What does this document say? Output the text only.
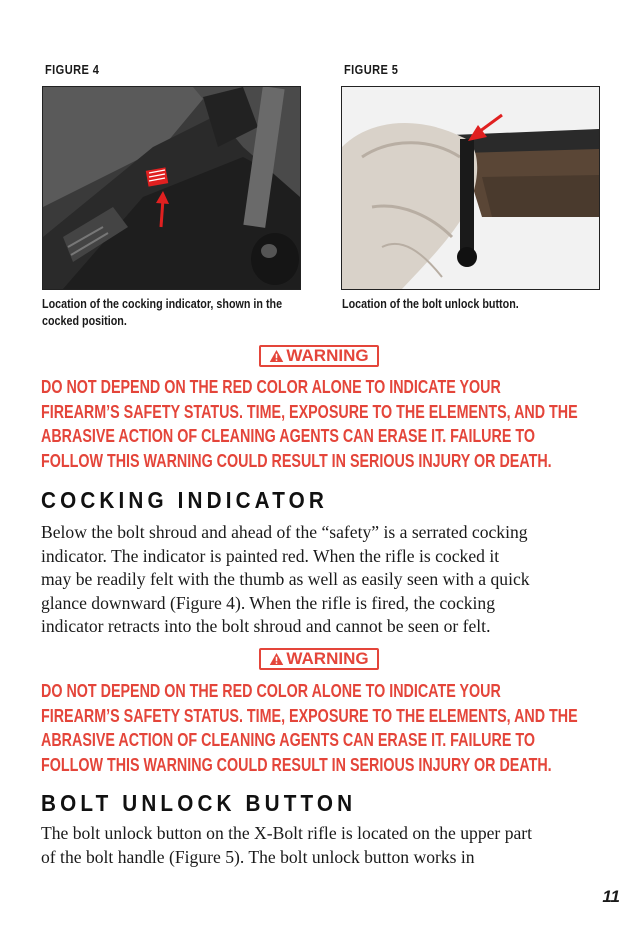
FIGURE 4
Location of the cocking indicator, shown in the cocked position.
FIGURE 5
Location of the bolt unlock button.
WARNING
DO NOT DEPEND ON THE RED COLOR ALONE TO INDICATE YOUR
FIREARM’S SAFETY STATUS. TIME, EXPOSURE TO THE ELEMENTS, AND THE
ABRASIVE ACTION OF CLEANING AGENTS CAN ERASE IT. FAILURE TO
FOLLOW THIS WARNING COULD RESULT IN SERIOUS INJURY OR DEATH.
COCKING INDICATOR
Below the bolt shroud and ahead of the “safety” is a serrated cocking
indicator. The indicator is painted red. When the rifle is cocked it
may be readily felt with the thumb as well as easily seen with a quick
glance downward (Figure 4). When the rifle is fired, the cocking
indicator retracts into the bolt shroud and cannot be seen or felt.
WARNING
DO NOT DEPEND ON THE RED COLOR ALONE TO INDICATE YOUR
FIREARM’S SAFETY STATUS. TIME, EXPOSURE TO THE ELEMENTS, AND THE
ABRASIVE ACTION OF CLEANING AGENTS CAN ERASE IT. FAILURE TO
FOLLOW THIS WARNING COULD RESULT IN SERIOUS INJURY OR DEATH.
BOLT UNLOCK BUTTON
The bolt unlock button on the X-Bolt rifle is located on the upper part
of the bolt handle (Figure 5). The bolt unlock button works in
11
